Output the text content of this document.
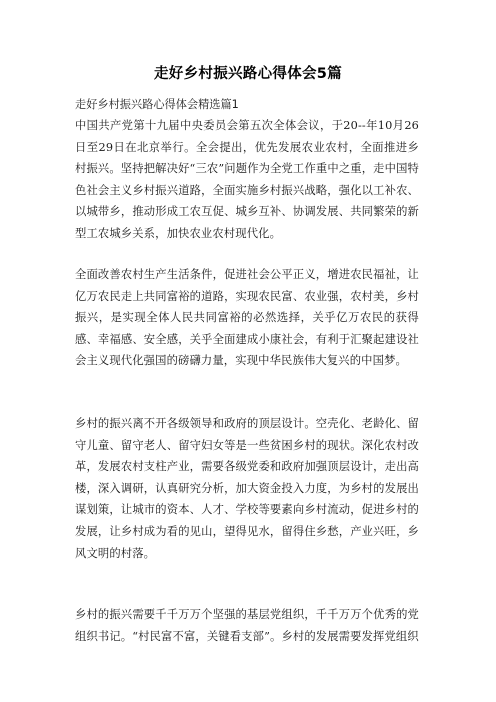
走好乡村振兴路心得体会5篇
走好乡村振兴路心得体会精选篇1
中国共产党第十九届中央委员会第五次全体会议，于20--年10月26日至29日在北京举行。全会提出，优先发展农业农村，全面推进乡村振兴。坚持把解决好“三农”问题作为全党工作重中之重，走中国特色社会主义乡村振兴道路，全面实施乡村振兴战略，强化以工补农、以城带乡，推动形成工农互促、城乡互补、协调发展、共同繁荣的新型工农城乡关系，加快农业农村现代化。
全面改善农村生产生活条件，促进社会公平正义，增进农民福祉，让亿万农民走上共同富裕的道路，实现农民富、农业强，农村美，乡村振兴，是实现全体人民共同富裕的必然选择，关乎亿万农民的获得感、幸福感、安全感，关乎全面建成小康社会，有利于汇聚起建设社会主义现代化强国的磅礴力量，实现中华民族伟大复兴的中国梦。
乡村的振兴离不开各级领导和政府的顶层设计。空壳化、老龄化、留守儿童、留守老人、留守妇女等是一些贫困乡村的现状。深化农村改革，发展农村支柱产业，需要各级党委和政府加强顶层设计，走出高楼，深入调研，认真研究分析，加大资金投入力度，为乡村的发展出谋划策，让城市的资本、人才、学校等要素向乡村流动，促进乡村的发展，让乡村成为看的见山，望得见水，留得住乡愁，产业兴旺，乡风文明的村落。
乡村的振兴需要千千万万个坚强的基层党组织，千千万万个优秀的党组织书记。“村民富不富，关键看支部”。乡村的发展需要发挥党组织
